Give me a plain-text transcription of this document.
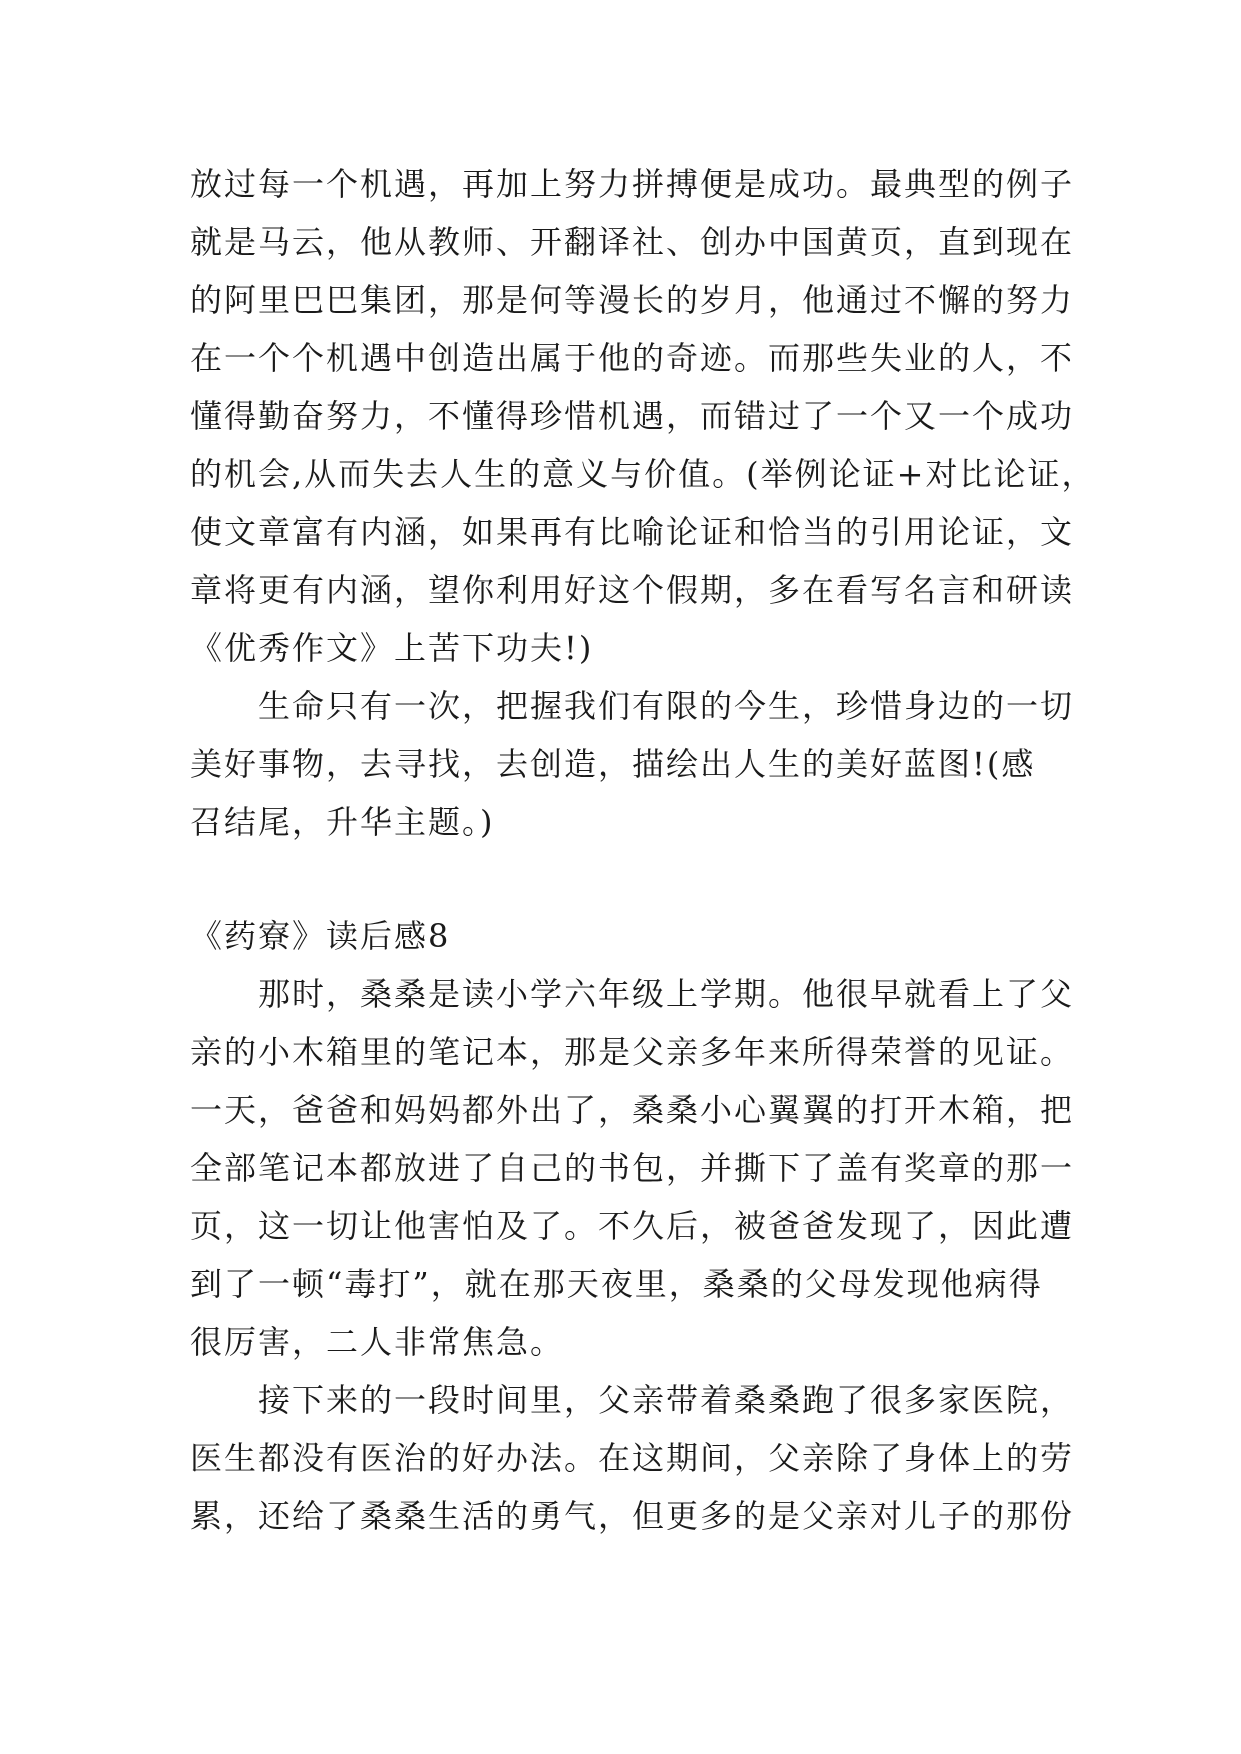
放过每一个机遇，再加上努力拼搏便是成功。最典型的例子
就是马云，他从教师、开翻译社、创办中国黄页，直到现在
的阿里巴巴集团，那是何等漫长的岁月，他通过不懈的努力
在一个个机遇中创造出属于他的奇迹。而那些失业的人，不
懂得勤奋努力，不懂得珍惜机遇，而错过了一个又一个成功
的机会,从而失去人生的意义与价值。(举例论证+对比论证，
使文章富有内涵，如果再有比喻论证和恰当的引用论证，文
章将更有内涵，望你利用好这个假期，多在看写名言和研读
《优秀作文》上苦下功夫!)
生命只有一次，把握我们有限的今生，珍惜身边的一切
美好事物，去寻找，去创造，描绘出人生的美好蓝图!(感
召结尾，升华主题。)
《药寮》读后感8
那时，桑桑是读小学六年级上学期。他很早就看上了父
亲的小木箱里的笔记本，那是父亲多年来所得荣誉的见证。
一天，爸爸和妈妈都外出了，桑桑小心翼翼的打开木箱，把
全部笔记本都放进了自己的书包，并撕下了盖有奖章的那一
页，这一切让他害怕及了。不久后，被爸爸发现了，因此遭
到了一顿“毒打”，就在那天夜里，桑桑的父母发现他病得
很厉害，二人非常焦急。
接下来的一段时间里，父亲带着桑桑跑了很多家医院，
医生都没有医治的好办法。在这期间，父亲除了身体上的劳
累，还给了桑桑生活的勇气，但更多的是父亲对儿子的那份
